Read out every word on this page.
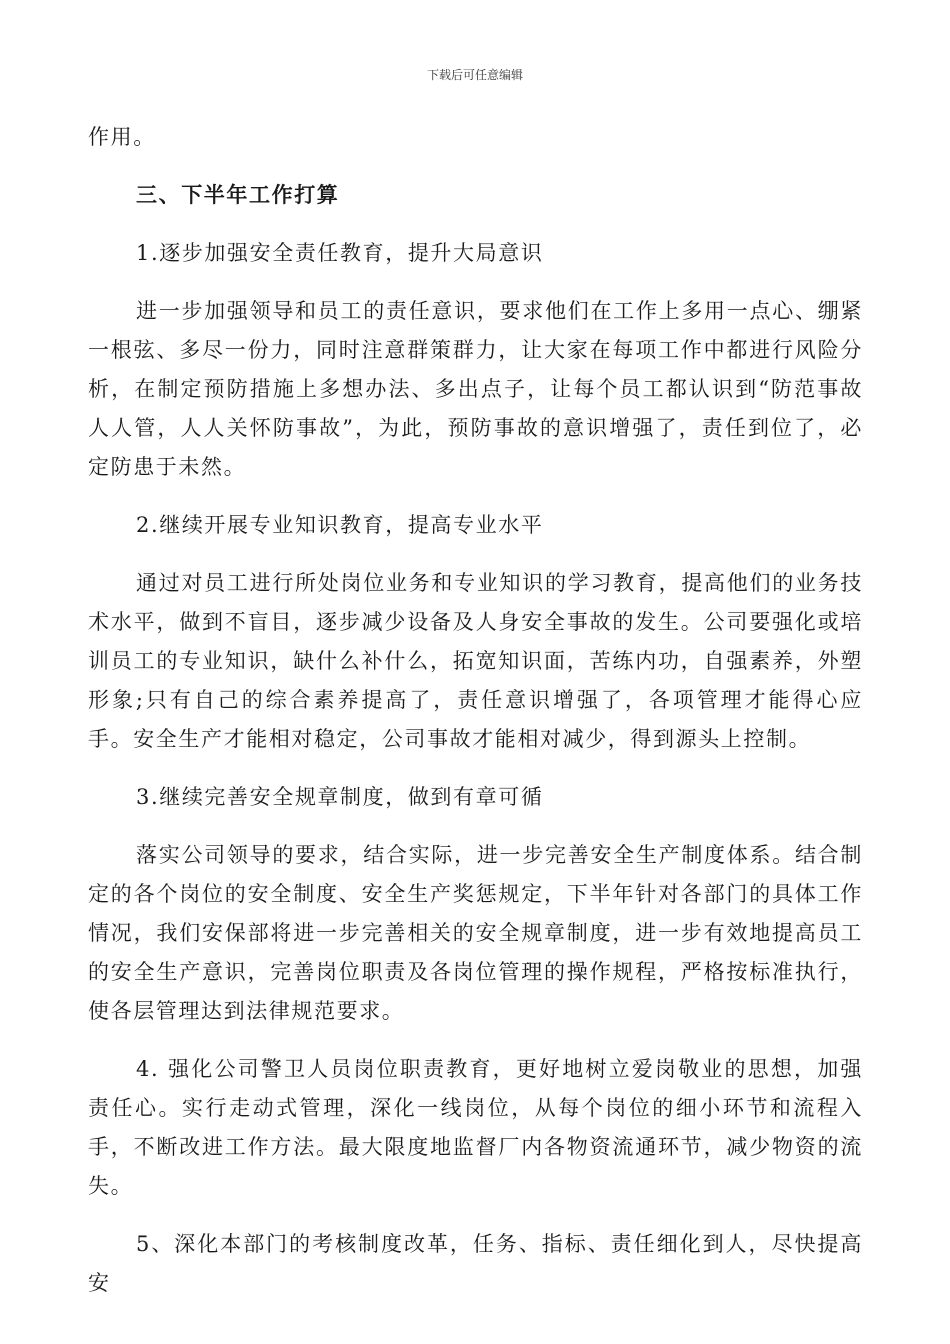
下载后可任意编辑

作用。

三、下半年工作打算

1.逐步加强安全责任教育，提升大局意识

进一步加强领导和员工的责任意识，要求他们在工作上多用一点心、绷紧一根弦、多尽一份力，同时注意群策群力，让大家在每项工作中都进行风险分析，在制定预防措施上多想办法、多出点子，让每个员工都认识到“防范事故人人管，人人关怀防事故”，为此，预防事故的意识增强了，责任到位了，必定防患于未然。

2.继续开展专业知识教育，提高专业水平

通过对员工进行所处岗位业务和专业知识的学习教育，提高他们的业务技术水平，做到不盲目，逐步减少设备及人身安全事故的发生。公司要强化或培训员工的专业知识，缺什么补什么，拓宽知识面，苦练内功，自强素养，外塑形象;只有自己的综合素养提高了，责任意识增强了，各项管理才能得心应手。安全生产才能相对稳定，公司事故才能相对减少，得到源头上控制。

3.继续完善安全规章制度，做到有章可循

落实公司领导的要求，结合实际，进一步完善安全生产制度体系。结合制定的各个岗位的安全制度、安全生产奖惩规定，下半年针对各部门的具体工作情况，我们安保部将进一步完善相关的安全规章制度，进一步有效地提高员工的安全生产意识，完善岗位职责及各岗位管理的操作规程，严格按标准执行，使各层管理达到法律规范要求。

4. 强化公司警卫人员岗位职责教育，更好地树立爱岗敬业的思想，加强责任心。实行走动式管理，深化一线岗位，从每个岗位的细小环节和流程入手，不断改进工作方法。最大限度地监督厂内各物资流通环节，减少物资的流失。

5、深化本部门的考核制度改革，任务、指标、责任细化到人，尽快提高安
